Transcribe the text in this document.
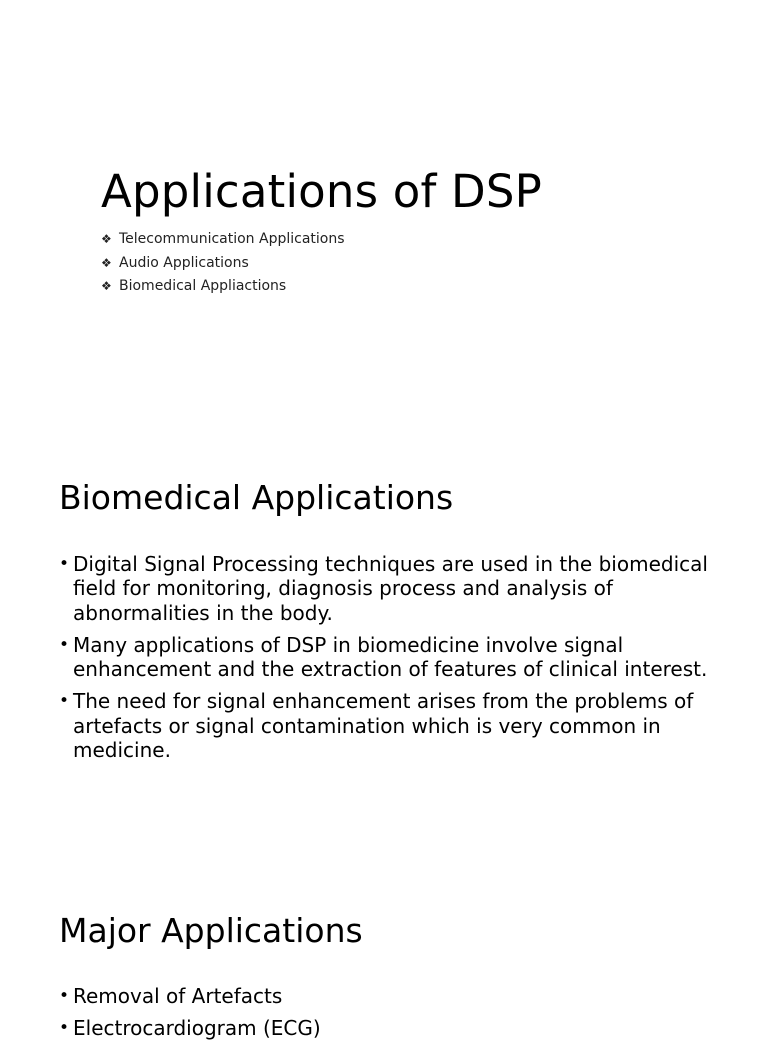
Applications of DSP
❖ Telecommunication Applications
❖ Audio Applications
❖ Biomedical Appliactions
Biomedical Applications
• Digital Signal Processing techniques are used in the biomedical field for monitoring, diagnosis process and analysis of abnormalities in the body.
• Many applications of DSP in biomedicine involve signal enhancement and the extraction of features of clinical interest.
• The need for signal enhancement arises from the problems of artefacts or signal contamination which is very common in medicine.
Major Applications
• Removal of Artefacts
• Electrocardiogram (ECG)
